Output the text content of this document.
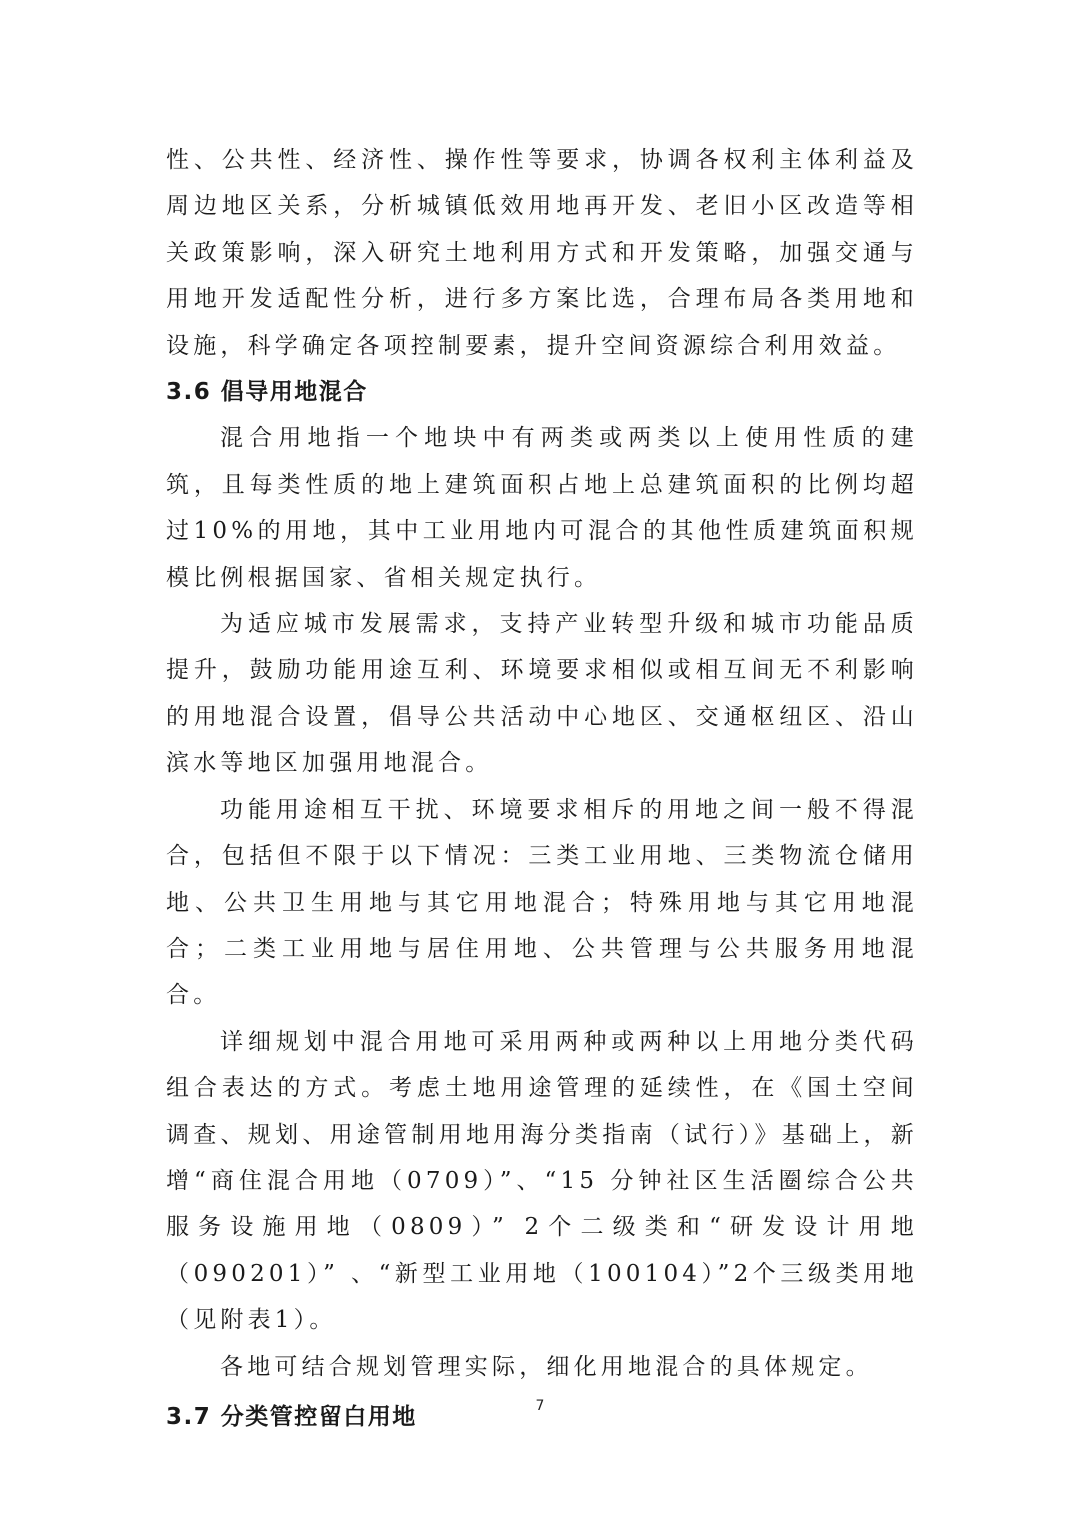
性、公共性、经济性、操作性等要求，协调各权利主体利益及周边地区关系，分析城镇低效用地再开发、老旧小区改造等相关政策影响，深入研究土地利用方式和开发策略，加强交通与用地开发适配性分析，进行多方案比选，合理布局各类用地和设施，科学确定各项控制要素，提升空间资源综合利用效益。

3.6 倡导用地混合

混合用地指一个地块中有两类或两类以上使用性质的建筑，且每类性质的地上建筑面积占地上总建筑面积的比例均超过10%的用地，其中工业用地内可混合的其他性质建筑面积规模比例根据国家、省相关规定执行。

为适应城市发展需求，支持产业转型升级和城市功能品质提升，鼓励功能用途互利、环境要求相似或相互间无不利影响的用地混合设置，倡导公共活动中心地区、交通枢纽区、沿山滨水等地区加强用地混合。

功能用途相互干扰、环境要求相斥的用地之间一般不得混合，包括但不限于以下情况：三类工业用地、三类物流仓储用地、公共卫生用地与其它用地混合；特殊用地与其它用地混合；二类工业用地与居住用地、公共管理与公共服务用地混合。

详细规划中混合用地可采用两种或两种以上用地分类代码组合表达的方式。考虑土地用途管理的延续性，在《国土空间调查、规划、用途管制用地用海分类指南（试行）》基础上，新增“商住混合用地（0709）”、“15 分钟社区生活圈综合公共服务设施用地（0809）” 2个二级类和“研发设计用地（090201）” 、“新型工业用地（100104）”2个三级类用地（见附表1）。

各地可结合规划管理实际，细化用地混合的具体规定。

3.7 分类管控留白用地	7
